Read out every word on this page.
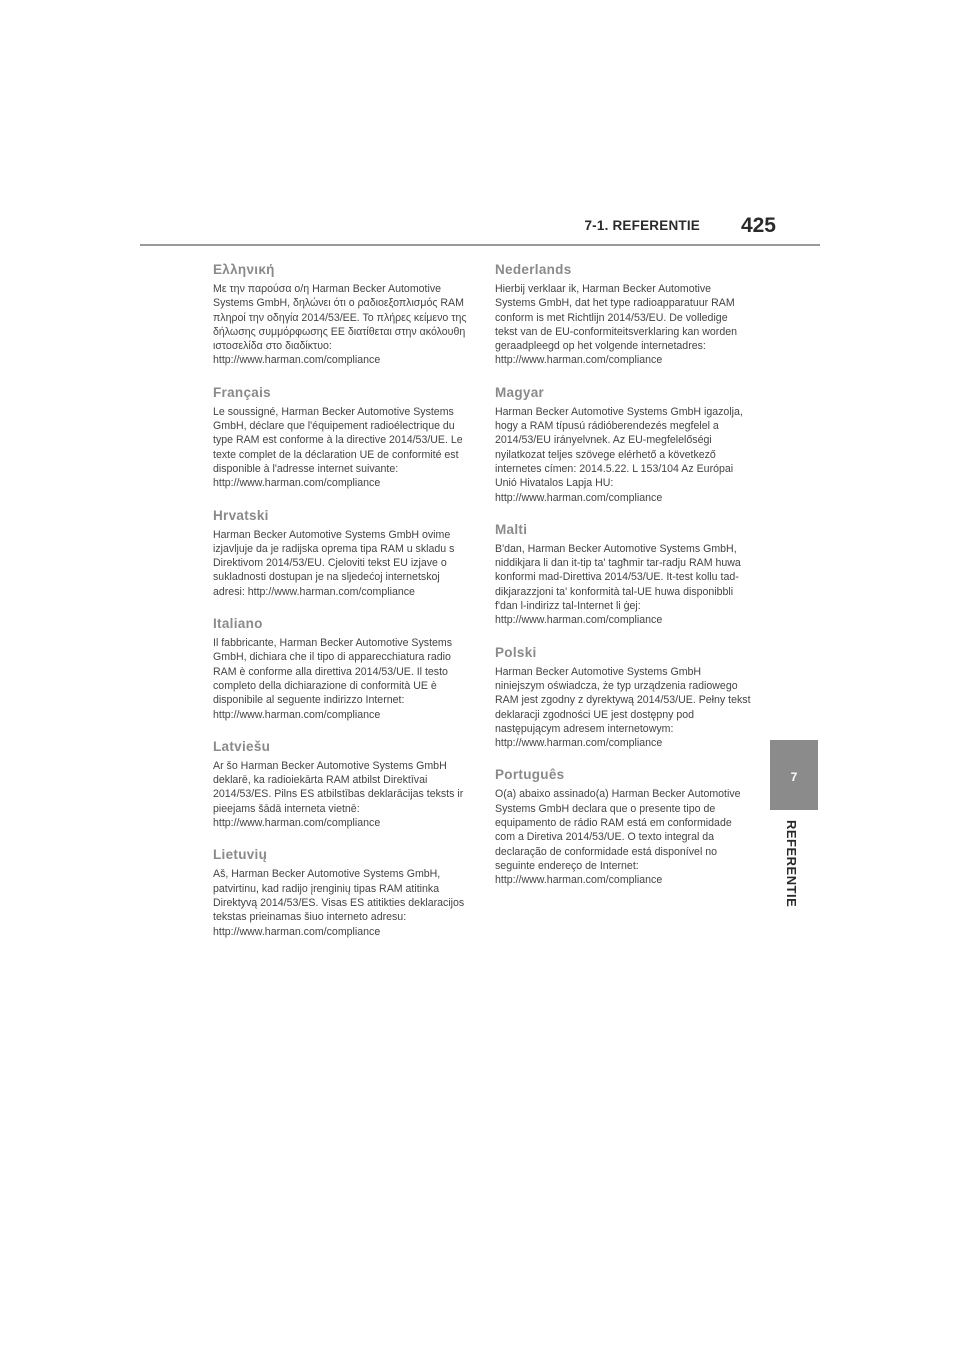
7-1. REFERENTIE 425
Ελληνική

Με την παρούσα ο/η Harman Becker Automotive Systems GmbH, δηλώνει ότι ο ραδιοεξοπλισμός RAM πληροί την οδηγία 2014/53/ΕΕ. Το πλήρες κείμενο της δήλωσης συμμόρφωσης ΕΕ διατίθεται στην ακόλουθη ιστοσελίδα στο διαδίκτυο: http://www.harman.com/compliance

Français

Le soussigné, Harman Becker Automotive Systems GmbH, déclare que l'équipement radioélectrique du type RAM est conforme à la directive 2014/53/UE. Le texte complet de la déclaration UE de conformité est disponible à l'adresse internet suivante: http://www.harman.com/compliance

Hrvatski

Harman Becker Automotive Systems GmbH ovime izjavljuje da je radijska oprema tipa RAM u skladu s Direktivom 2014/53/EU. Cjeloviti tekst EU izjave o sukladnosti dostupan je na sljedećoj internetskoj adresi: http://www.harman.com/compliance

Italiano

Il fabbricante, Harman Becker Automotive Systems GmbH, dichiara che il tipo di apparecchiatura radio RAM è conforme alla direttiva 2014/53/UE. Il testo completo della dichiarazione di conformità UE è disponibile al seguente indirizzo Internet: http://www.harman.com/compliance

Latviešu

Ar šo Harman Becker Automotive Systems GmbH deklarē, ka radioiekārta RAM atbilst Direktīvai 2014/53/ES. Pilns ES atbilstības deklarācijas teksts ir pieejams šādā interneta vietnē: http://www.harman.com/compliance

Lietuvių

Aš, Harman Becker Automotive Systems GmbH, patvirtinu, kad radijo įrenginių tipas RAM atitinka Direktyvą 2014/53/ES. Visas ES atitikties deklaracijos tekstas prieinamas šiuo interneto adresu: http://www.harman.com/compliance

Nederlands

Hierbij verklaar ik, Harman Becker Automotive Systems GmbH, dat het type radioapparatuur RAM conform is met Richtlijn 2014/53/EU. De volledige tekst van de EU-conformiteitsverklaring kan worden geraadpleegd op het volgende internetadres: http://www.harman.com/compliance

Magyar

Harman Becker Automotive Systems GmbH igazolja, hogy a RAM típusú rádióberendezés megfelel a 2014/53/EU irányelvnek. Az EU-megfelelőségi nyilatkozat teljes szövege elérhető a következő internetes címen: 2014.5.22. L 153/104 Az Európai Unió Hivatalos Lapja HU: http://www.harman.com/compliance

Malti

B'dan, Harman Becker Automotive Systems GmbH, niddikjara li dan it-tip ta' tagħmir tar-radju RAM huwa konformi mad-Direttiva 2014/53/UE. It-test kollu tad-dikjarazzjoni ta' konformità tal-UE huwa disponibbli f'dan l-indirizz tal-Internet li ġej: http://www.harman.com/compliance

Polski

Harman Becker Automotive Systems GmbH niniejszym oświadcza, że typ urządzenia radiowego RAM jest zgodny z dyrektywą 2014/53/UE. Pełny tekst deklaracji zgodności UE jest dostępny pod następującym adresem internetowym: http://www.harman.com/compliance

Português

O(a) abaixo assinado(a) Harman Becker Automotive Systems GmbH declara que o presente tipo de equipamento de rádio RAM está em conformidade com a Diretiva 2014/53/UE. O texto integral da declaração de conformidade está disponível no seguinte endereço de Internet: http://www.harman.com/compliance

7
REFERENTIE
